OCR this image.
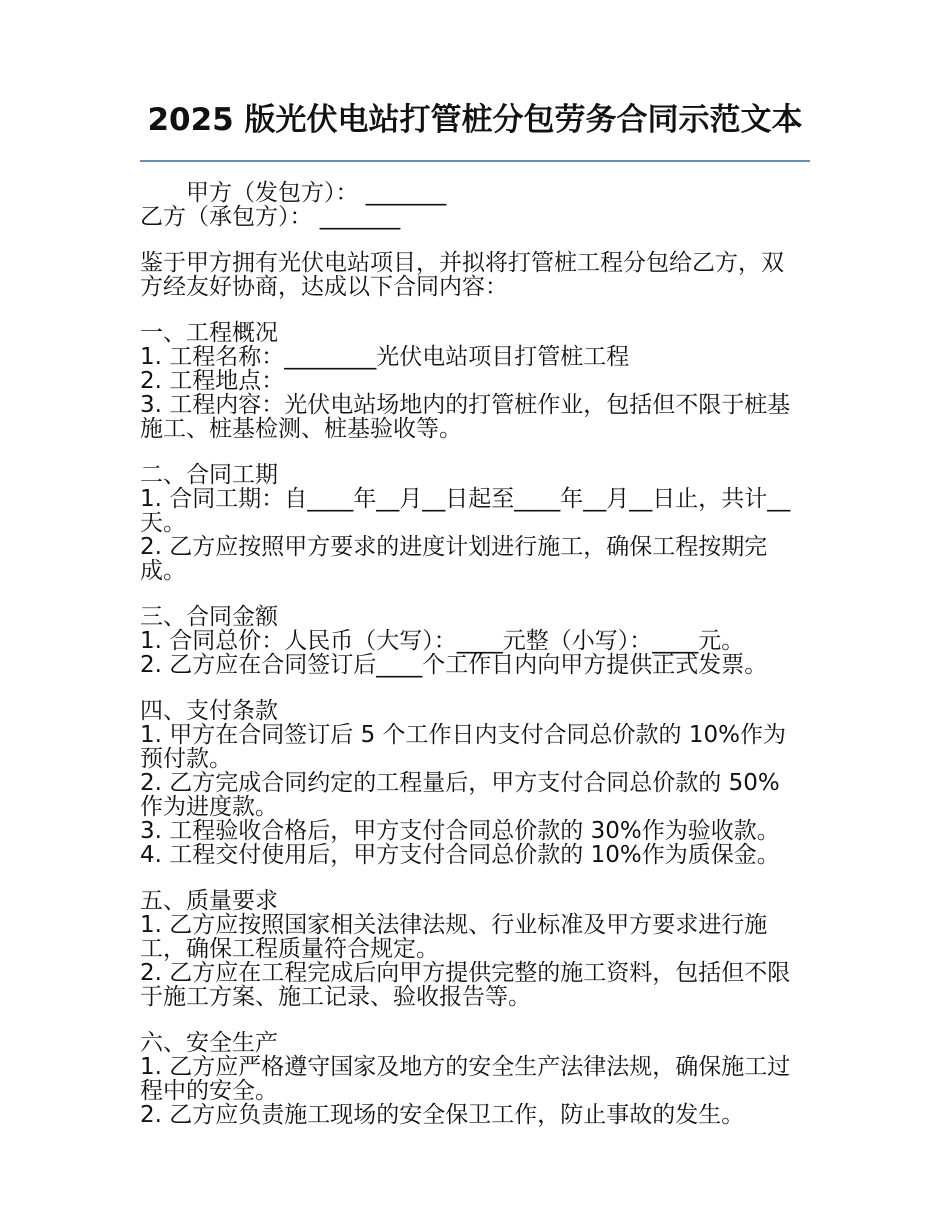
2025 版光伏电站打管桩分包劳务合同示范文本

甲方（发包方）： _______

乙方（承包方）： _______

鉴于甲方拥有光伏电站项目，并拟将打管桩工程分包给乙方，双方经友好协商，达成以下合同内容：

一、工程概况

1. 工程名称：________光伏电站项目打管桩工程

2. 工程地点：

3. 工程内容：光伏电站场地内的打管桩作业，包括但不限于桩基施工、桩基检测、桩基验收等。

二、合同工期

1. 合同工期：自____年__月__日起至____年__月__日止，共计__天。

2. 乙方应按照甲方要求的进度计划进行施工，确保工程按期完成。

三、合同金额

1. 合同总价：人民币（大写）：____元整（小写）：____元。

2. 乙方应在合同签订后____个工作日内向甲方提供正式发票。

四、支付条款

1. 甲方在合同签订后 5 个工作日内支付合同总价款的 10%作为预付款。

2. 乙方完成合同约定的工程量后，甲方支付合同总价款的 50%作为进度款。

3. 工程验收合格后，甲方支付合同总价款的 30%作为验收款。

4. 工程交付使用后，甲方支付合同总价款的 10%作为质保金。

五、质量要求

1. 乙方应按照国家相关法律法规、行业标准及甲方要求进行施工，确保工程质量符合规定。

2. 乙方应在工程完成后向甲方提供完整的施工资料，包括但不限于施工方案、施工记录、验收报告等。

六、安全生产

1. 乙方应严格遵守国家及地方的安全生产法律法规，确保施工过程中的安全。

2. 乙方应负责施工现场的安全保卫工作，防止事故的发生。
